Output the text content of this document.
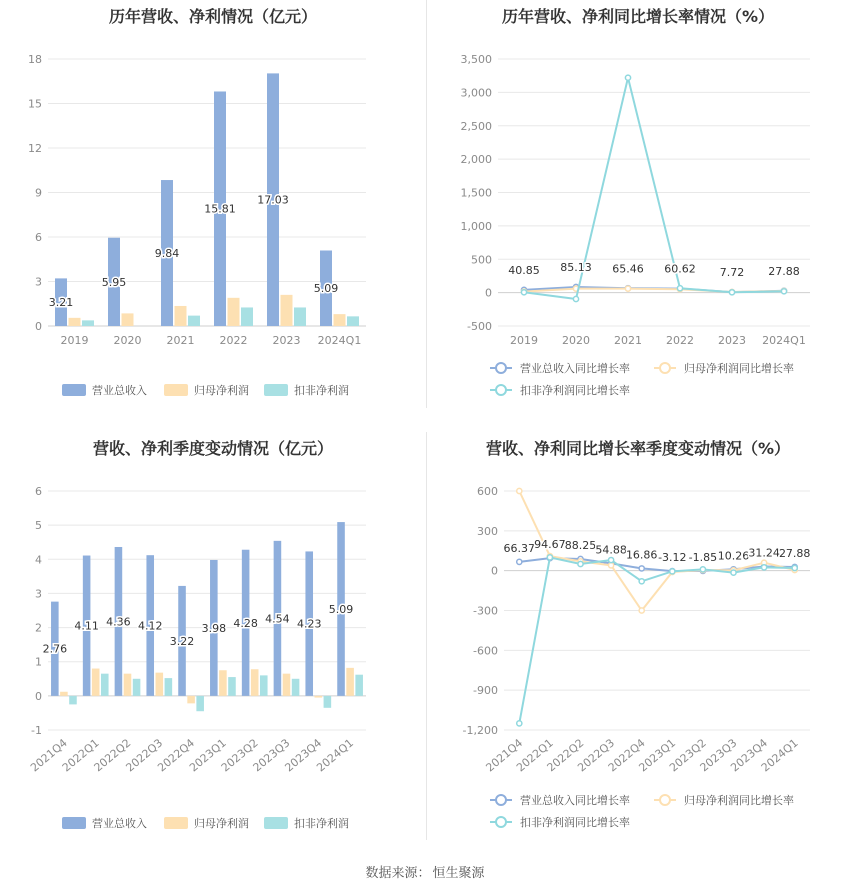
历年营收、净利情况（亿元）
0
3
6
9
12
15
18
2019 2020 2021 2022 2023 2024Q1
3.21
5.95
9.84
15.81
17.03
5.09
营业总收入	归母净利润	扣非净利润
历年营收、净利同比增长率情况（%）
-500
0
500
1,000
1,500
2,000
2,500
3,000
3,500
2019 2020 2021 2022 2023 2024Q1
40.85 85.13 65.46 60.62 7.72 27.88
营业总收入同比增长率	归母净利润同比增长率
扣非净利润同比增长率
营收、净利季度变动情况（亿元）
-1
0
1
2
3
4
5
6
2021Q4
2022Q1
2022Q2
2022Q3
2022Q4
2023Q1
2023Q2
2023Q3
2023Q4
2024Q1
2.76
4.11 4.36 4.12
3.22
3.98 4.28 4.54 4.23
5.09
营业总收入	归母净利润	扣非净利润
营收、净利同比增长率季度变动情况（%）
-1,200
-900
-600
-300
0
300
600
2021Q4
2022Q1
2022Q2
2022Q3
2022Q4
2023Q1
2023Q2
2023Q3
2023Q4
2024Q1
66.37 94.67 88.25 54.88 16.86 -3.12 -1.85 10.26 31.24 27.88
营业总收入同比增长率	归母净利润同比增长率
扣非净利润同比增长率
数据来源： 恒生聚源
